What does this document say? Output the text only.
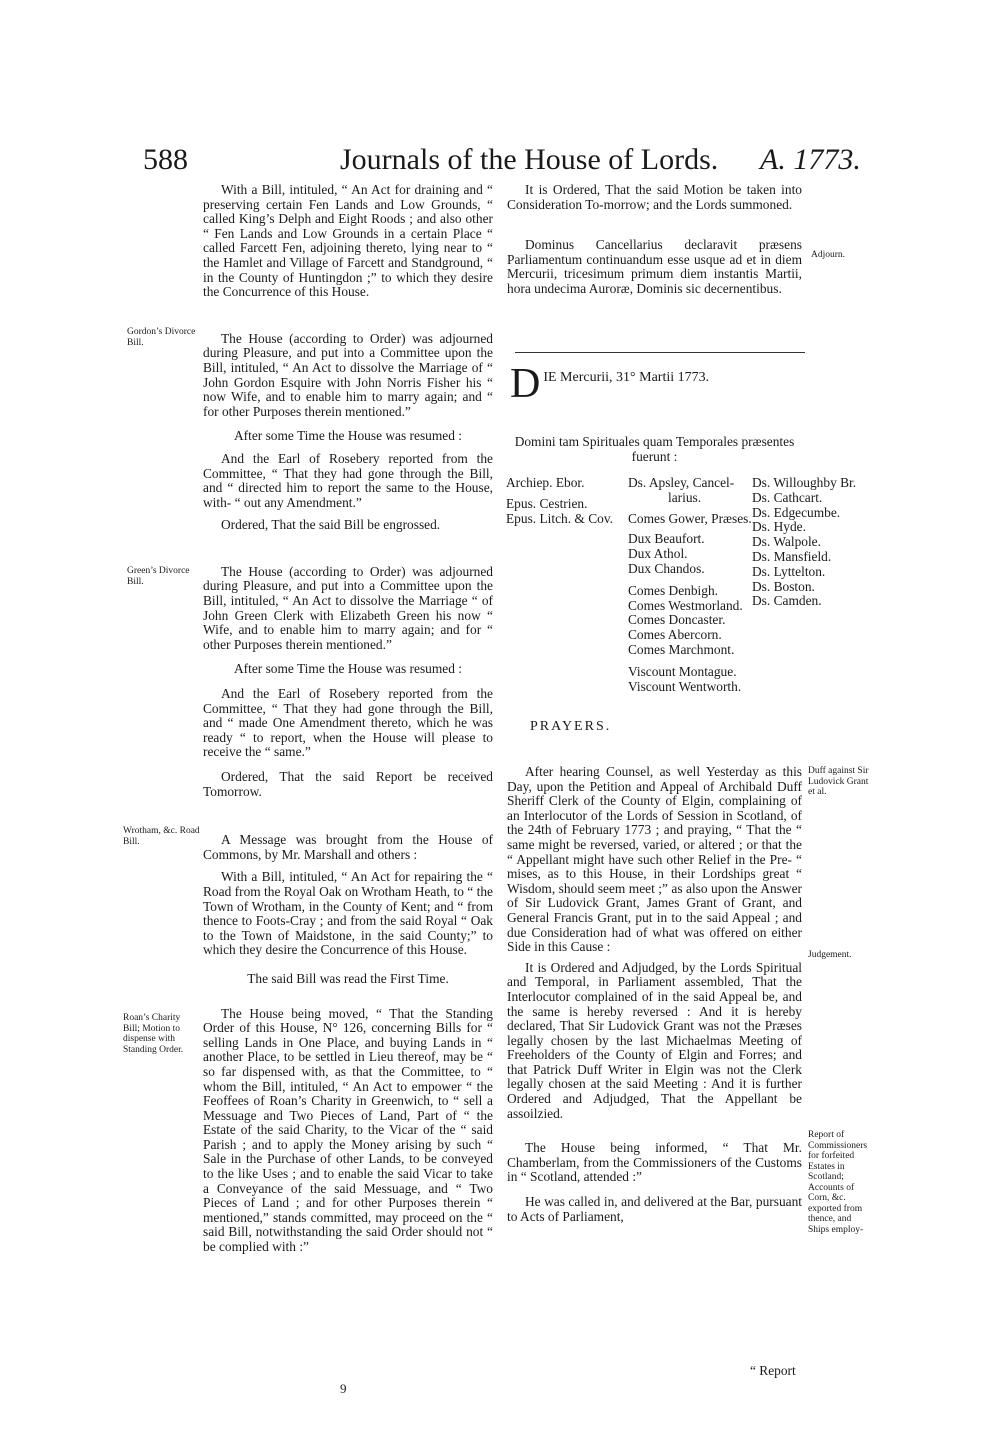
588	Journals of the House of Lords. A. 1773.

With a Bill, intituled, “ An Act for draining and “ preserving certain Fen Lands and Low Grounds, “ called King’s Delph and Eight Roods ; and also other “ Fen Lands and Low Grounds in a certain Place “ called Farcett Fen, adjoining thereto, lying near to “ the Hamlet and Village of Farcett and Standground, “ in the County of Huntingdon ;” to which they desire the Concurrence of this House.

The House (according to Order) was adjourned during Pleasure, and put into a Committee upon the Bill, intituled, “ An Act to dissolve the Marriage of “ John Gordon Esquire with John Norris Fisher his “ now Wife, and to enable him to marry again; and “ for other Purposes therein mentioned.”

After some Time the House was resumed :

And the Earl of Rosebery reported from the Committee, “ That they had gone through the Bill, and “ directed him to report the same to the House, with- “ out any Amendment.”

Ordered, That the said Bill be engrossed.

The House (according to Order) was adjourned during Pleasure, and put into a Committee upon the Bill, intituled, “ An Act to dissolve the Marriage “ of John Green Clerk with Elizabeth Green his now “ Wife, and to enable him to marry again; and for “ other Purposes therein mentioned.”

After some Time the House was resumed :

And the Earl of Rosebery reported from the Committee, “ That they had gone through the Bill, and “ made One Amendment thereto, which he was ready “ to report, when the House will please to receive the “ same.”

Ordered, That the said Report be received Tomorrow.

A Message was brought from the House of Commons, by Mr. Marshall and others :

With a Bill, intituled, “ An Act for repairing the “ Road from the Royal Oak on Wrotham Heath, to “ the Town of Wrotham, in the County of Kent; and “ from thence to Foots-Cray ; and from the said Royal “ Oak to the Town of Maidstone, in the said County;” to which they desire the Concurrence of this House.

The said Bill was read the First Time.

The House being moved, “ That the Standing Order of this House, N° 126, concerning Bills for “ selling Lands in One Place, and buying Lands in “ another Place, to be settled in Lieu thereof, may be “ so far dispensed with, as that the Committee, to “ whom the Bill, intituled, “ An Act to empower “ the Feoffees of Roan’s Charity in Greenwich, to “ sell a Messuage and Two Pieces of Land, Part of “ the Estate of the said Charity, to the Vicar of the “ said Parish ; and to apply the Money arising by such “ Sale in the Purchase of other Lands, to be conveyed to the like Uses ; and to enable the said Vicar to take a Conveyance of the said Messuage, and “ Two Pieces of Land ; and for other Purposes therein “ mentioned,” stands committed, may proceed on the “ said Bill, notwithstanding the said Order should not “ be complied with :”

9
Gordon’s Divorce Bill.
Green’s Divorce Bill.
Wrotham, &c. Road Bill.
Roan’s Charity Bill; Motion to dispense with Standing Order.

It is Ordered, That the said Motion be taken into Consideration To-morrow; and the Lords summoned.

Dominus Cancellarius declaravit præsens Parliamentum continuandum esse usque ad et in diem Mercurii, tricesimum primum diem instantis Martii, hora undecima Auroræ, Dominis sic decernentibus.

D IE Mercurii, 31° Martii 1773.
Domini tam Spirituales quam Temporales præsentes fuerunt :
Archiep. Ebor.
Epus. Cestrien.
Epus. Litch. & Cov.
Ds. Apsley, Cancel-
larius.
Comes Gower, Præses.
Dux Beaufort.
Dux Athol.
Dux Chandos.
Comes Denbigh.
Comes Westmorland.
Comes Doncaster.
Comes Abercorn.
Comes Marchmont.
Viscount Montague.
Viscount Wentworth.
Ds. Willoughby Br.
Ds. Cathcart.
Ds. Edgecumbe.
Ds. Hyde.
Ds. Walpole.
Ds. Mansfield.
Ds. Lyttelton.
Ds. Boston.
Ds. Camden.
PRAYERS.

After hearing Counsel, as well Yesterday as this Day, upon the Petition and Appeal of Archibald Duff Sheriff Clerk of the County of Elgin, complaining of an Interlocutor of the Lords of Session in Scotland, of the 24th of February 1773 ; and praying, “ That the “ same might be reversed, varied, or altered ; or that the “ Appellant might have such other Relief in the Pre- “ mises, as to this House, in their Lordships great “ Wisdom, should seem meet ;” as also upon the Answer of Sir Ludovick Grant, James Grant of Grant, and General Francis Grant, put in to the said Appeal ; and due Consideration had of what was offered on either Side in this Cause :

It is Ordered and Adjudged, by the Lords Spiritual and Temporal, in Parliament assembled, That the Interlocutor complained of in the said Appeal be, and the same is hereby reversed : And it is hereby declared, That Sir Ludovick Grant was not the Præses legally chosen by the last Michaelmas Meeting of Freeholders of the County of Elgin and Forres; and that Patrick Duff Writer in Elgin was not the Clerk legally chosen at the said Meeting : And it is further Ordered and Adjudged, That the Appellant be assoilzied.

The House being informed, “ That Mr. Chamberlam, from the Commissioners of the Customs in “ Scotland, attended :”

He was called in, and delivered at the Bar, pursuant to Acts of Parliament,

“ Report
Adjourn.
Duff against Sir Ludovick Grant et al.
Judgement.
Report of Commissioners for forfeited Estates in Scotland; Accounts of Corn, &c. exported from thence, and Ships employ-
